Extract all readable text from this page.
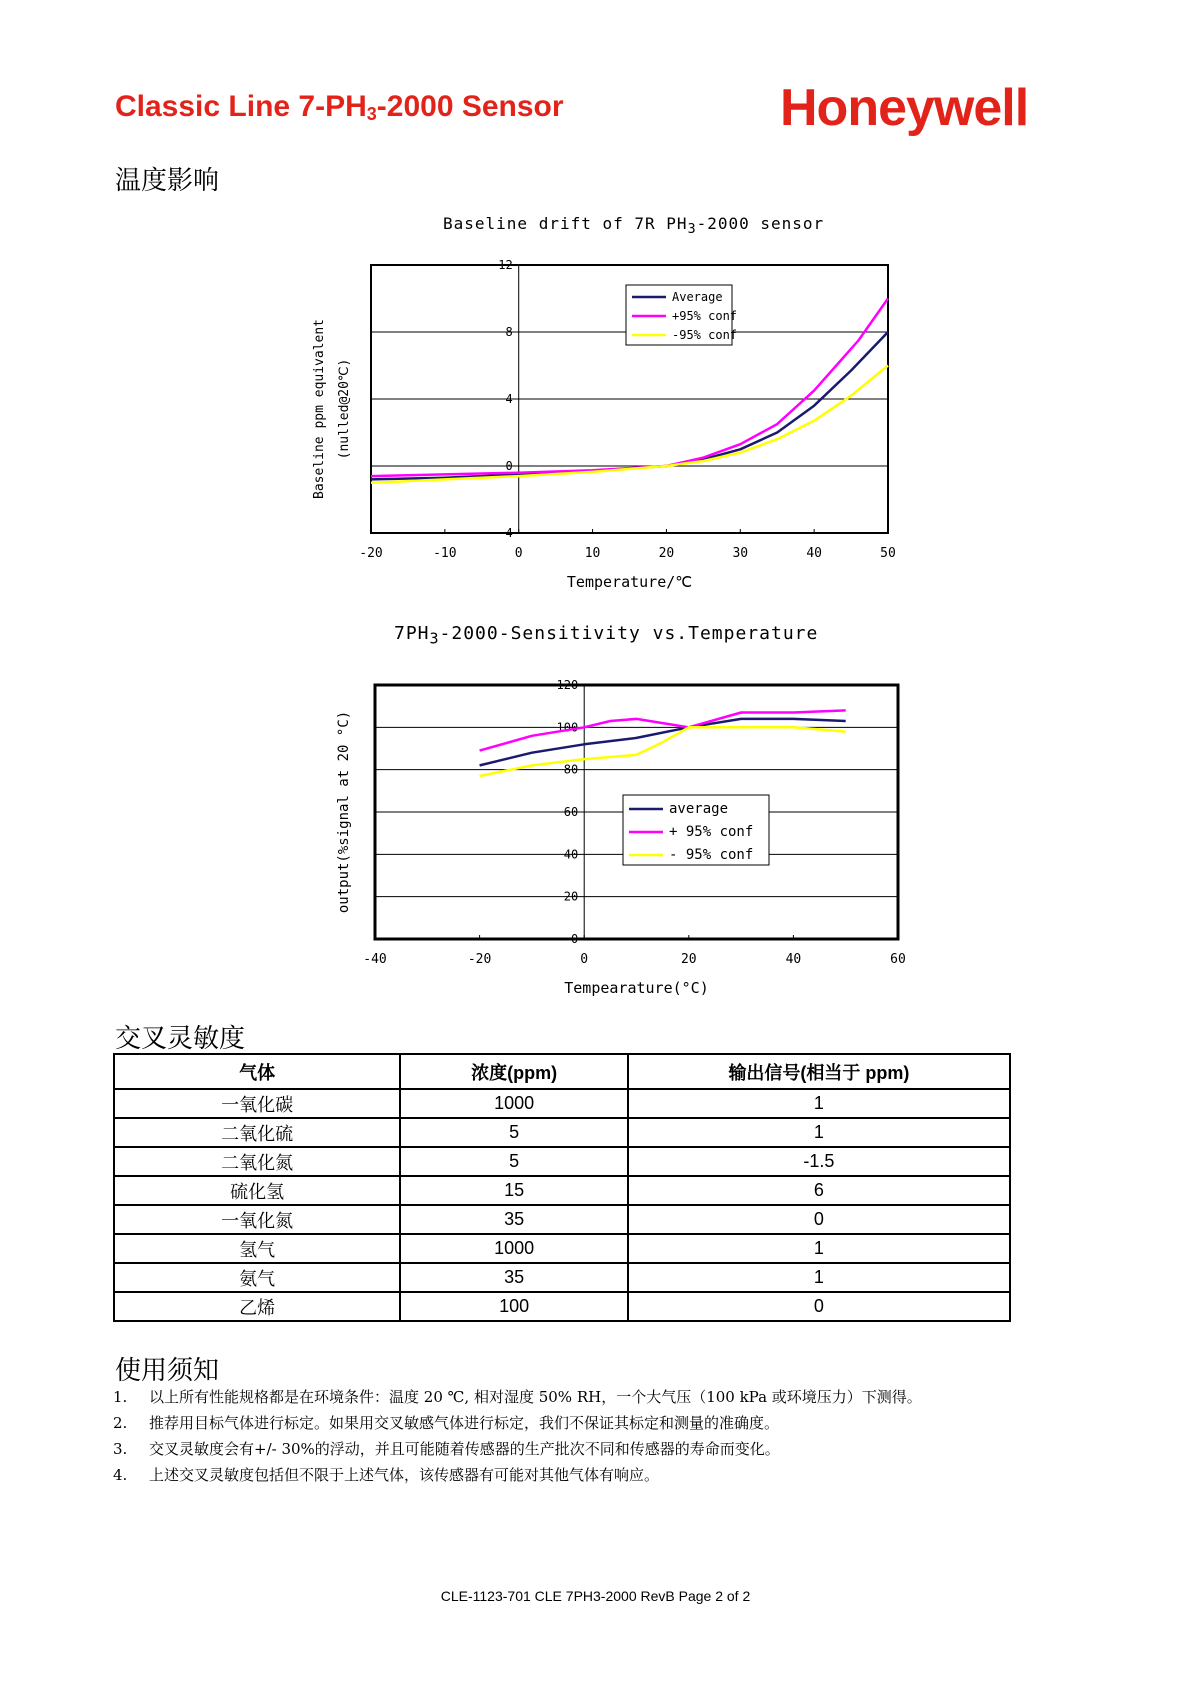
Classic Line $7-PH_3-2000$ Sensor	Honeywell
温度影响
Baseline drift of 7R $PH_3-2000$ sensor
-4
0
4
8
12
-20	-10	0	10	20	30	40	50
Average
+95% conf
-95% conf
Temperature/℃
Baseline ppm equivalent (nulled@20℃)
$7PH_3-2000$-Sensitivity vs.Temperature
0
20
40
60
80
100
120
-40	-20	0	20	40	60
average
+ 95% conf
- 95% conf
Tempearature(°C)
output(%signal at 20 °C)
交叉灵敏度
气体	浓度(ppm)	输出信号(相当于 ppm)
一氧化碳	1000	1
二氧化硫	5	1
二氧化氮	5	-1.5
硫化氢	15	6
一氧化氮	35	0
氢气	1000	1
氨气	35	1
乙烯	100	0
使用须知
1. 以上所有性能规格都是在环境条件：温度 20 ℃, 相对湿度 50% RH，一个大气压（100 kPa 或环境压力）下测得。
2. 推荐用目标气体进行标定。如果用交叉敏感气体进行标定，我们不保证其标定和测量的准确度。
3. 交叉灵敏度会有+/- 30%的浮动，并且可能随着传感器的生产批次不同和传感器的寿命而变化。
4. 上述交叉灵敏度包括但不限于上述气体，该传感器有可能对其他气体有响应。
CLE-1123-701 CLE 7PH3-2000 RevB Page 2 of 2
